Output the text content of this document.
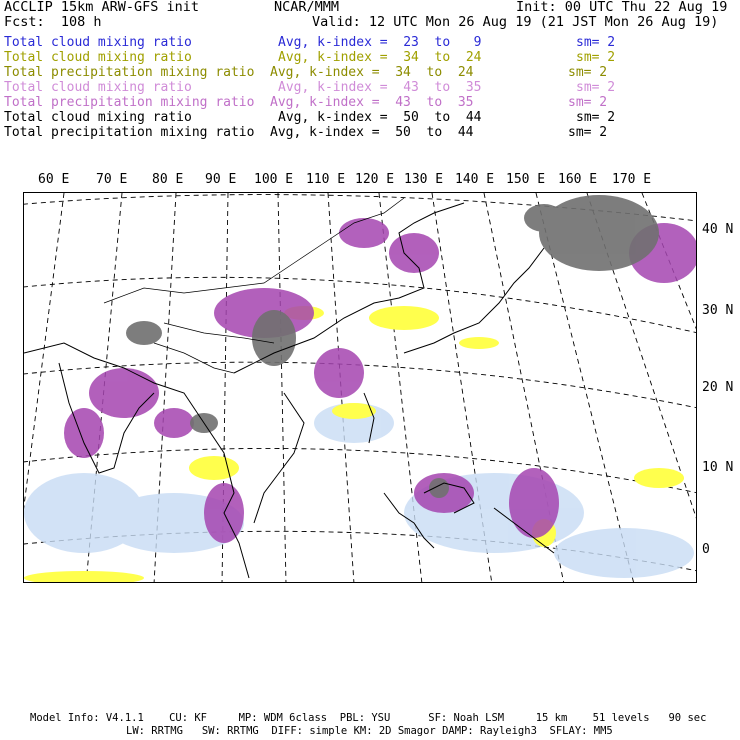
ACCLIP 15km ARW-GFS init	NCAR/MMM	Init: 00 UTC Thu 22 Aug 19
Fcst:  108 h	Valid: 12 UTC Mon 26 Aug 19 (21 JST Mon 26 Aug 19)
Total cloud mixing ratio	Avg, k-index =  23  to   9	sm= 2
Total cloud mixing ratio	Avg, k-index =  34  to  24	sm= 2
Total precipitation mixing ratio Avg, k-index =  34  to  24	sm= 2
Total cloud mixing ratio	Avg, k-index =  43  to  35	sm= 2
Total precipitation mixing ratio Avg, k-index =  43  to  35	sm= 2
Total cloud mixing ratio	Avg, k-index =  50  to  44	sm= 2
Total precipitation mixing ratio Avg, k-index =  50  to  44	sm= 2
60 E 70 E 80 E 90 E 100 E 110 E 120 E 130 E 140 E 150 E 160 E 170 E
40 N
30 N
20 N
10 N
0
Model Info: V4.1.1    CU: KF     MP: WDM 6class  PBL: YSU      SF: Noah LSM     15 km    51 levels   90 sec
LW: RRTMG   SW: RRTMG  DIFF: simple KM: 2D Smagor DAMP: Rayleigh3  SFLAY: MM5
